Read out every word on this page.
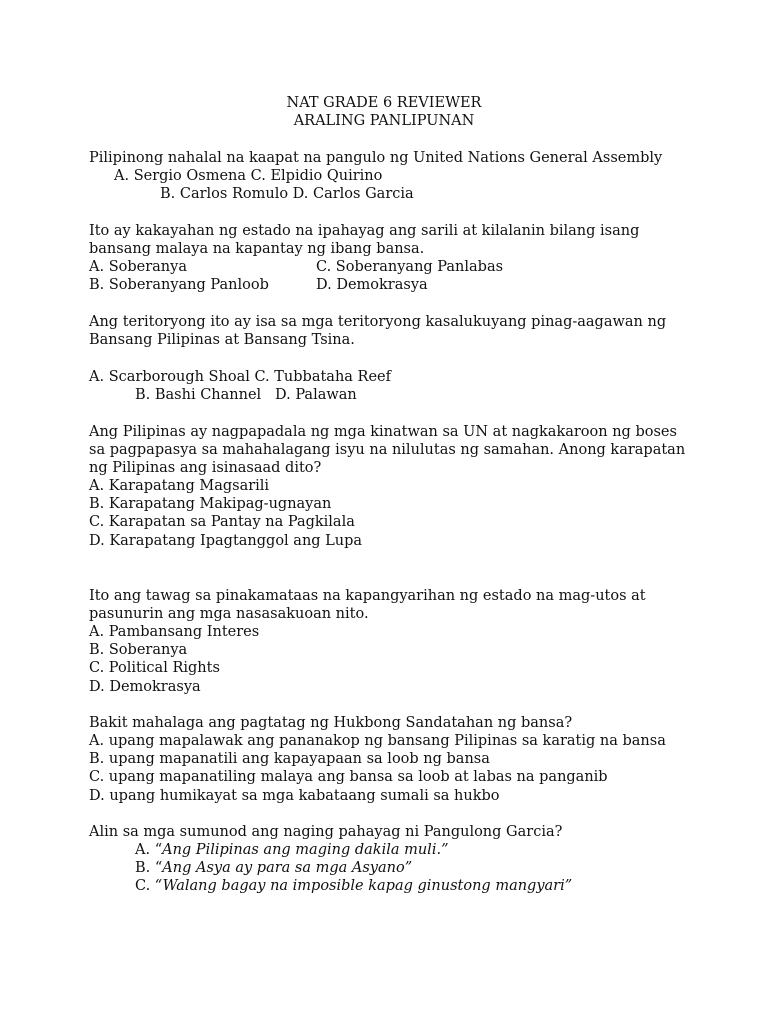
NAT GRADE 6 REVIEWER
ARALING PANLIPUNAN
Pilipinong nahalal na kaapat na pangulo ng United Nations General Assembly
A. Sergio Osmena C. Elpidio Quirino
B. Carlos Romulo D. Carlos Garcia
Ito ay kakayahan ng estado na ipahayag ang sarili at kilalanin bilang isang
bansang malaya na kapantay ng ibang bansa.
A. Soberanya	C. Soberanyang Panlabas
B. Soberanyang Panloob	D. Demokrasya
Ang teritoryong ito ay isa sa mga teritoryong kasalukuyang pinag-aagawan ng
Bansang Pilipinas at Bansang Tsina.
A. Scarborough Shoal C. Tubbataha Reef
B. Bashi Channel   D. Palawan
Ang Pilipinas ay nagpapadala ng mga kinatwan sa UN at nagkakaroon ng boses
sa pagpapasya sa mahahalagang isyu na nilulutas ng samahan. Anong karapatan
ng Pilipinas ang isinasaad dito?
A. Karapatang Magsarili
B. Karapatang Makipag-ugnayan
C. Karapatan sa Pantay na Pagkilala
D. Karapatang Ipagtanggol ang Lupa
Ito ang tawag sa pinakamataas na kapangyarihan ng estado na mag-utos at
pasunurin ang mga nasasakuoan nito.
A. Pambansang Interes
B. Soberanya
C. Political Rights
D. Demokrasya
Bakit mahalaga ang pagtatag ng Hukbong Sandatahan ng bansa?
A. upang mapalawak ang pananakop ng bansang Pilipinas sa karatig na bansa
B. upang mapanatili ang kapayapaan sa loob ng bansa
C. upang mapanatiling malaya ang bansa sa loob at labas na panganib
D. upang humikayat sa mga kabataang sumali sa hukbo
Alin sa mga sumunod ang naging pahayag ni Pangulong Garcia?
A. “Ang Pilipinas ang maging dakila muli.”
B. “Ang Asya ay para sa mga Asyano”
C. “Walang bagay na imposible kapag ginustong mangyari”
